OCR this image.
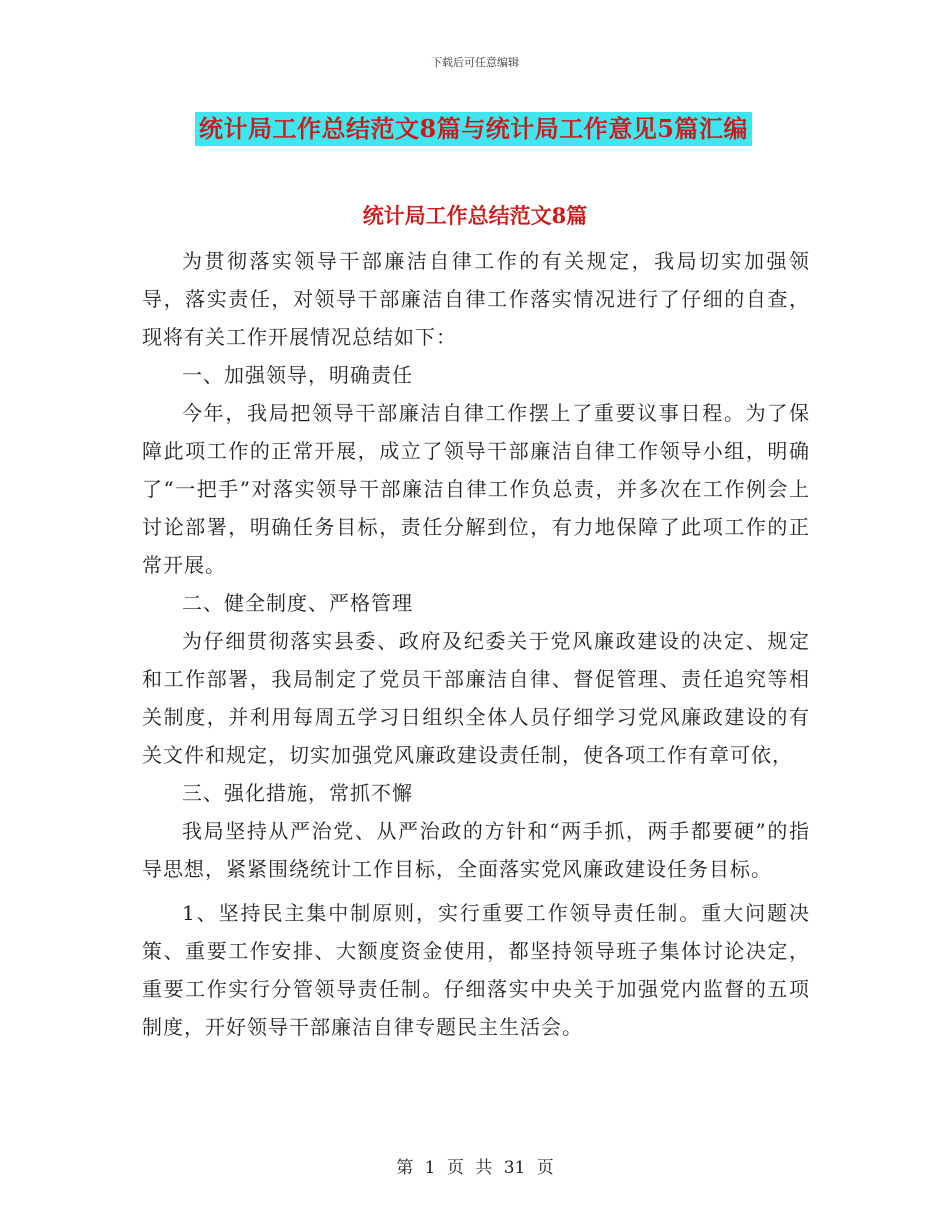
下载后可任意编辑
统计局工作总结范文8篇与统计局工作意见5篇汇编
统计局工作总结范文8篇

为贯彻落实领导干部廉洁自律工作的有关规定，我局切实加强领导，落实责任，对领导干部廉洁自律工作落实情况进行了仔细的自查，现将有关工作开展情况总结如下：

一、加强领导，明确责任

今年，我局把领导干部廉洁自律工作摆上了重要议事日程。为了保障此项工作的正常开展，成立了领导干部廉洁自律工作领导小组，明确了“一把手”对落实领导干部廉洁自律工作负总责，并多次在工作例会上讨论部署，明确任务目标，责任分解到位，有力地保障了此项工作的正常开展。

二、健全制度、严格管理

为仔细贯彻落实县委、政府及纪委关于党风廉政建设的决定、规定和工作部署，我局制定了党员干部廉洁自律、督促管理、责任追究等相关制度，并利用每周五学习日组织全体人员仔细学习党风廉政建设的有关文件和规定，切实加强党风廉政建设责任制，使各项工作有章可依，

三、强化措施，常抓不懈

我局坚持从严治党、从严治政的方针和“两手抓，两手都要硬”的指导思想，紧紧围绕统计工作目标，全面落实党风廉政建设任务目标。

1、坚持民主集中制原则，实行重要工作领导责任制。重大问题决策、重要工作安排、大额度资金使用，都坚持领导班子集体讨论决定，重要工作实行分管领导责任制。仔细落实中央关于加强党内监督的五项制度，开好领导干部廉洁自律专题民主生活会。

第 1 页 共 31 页
